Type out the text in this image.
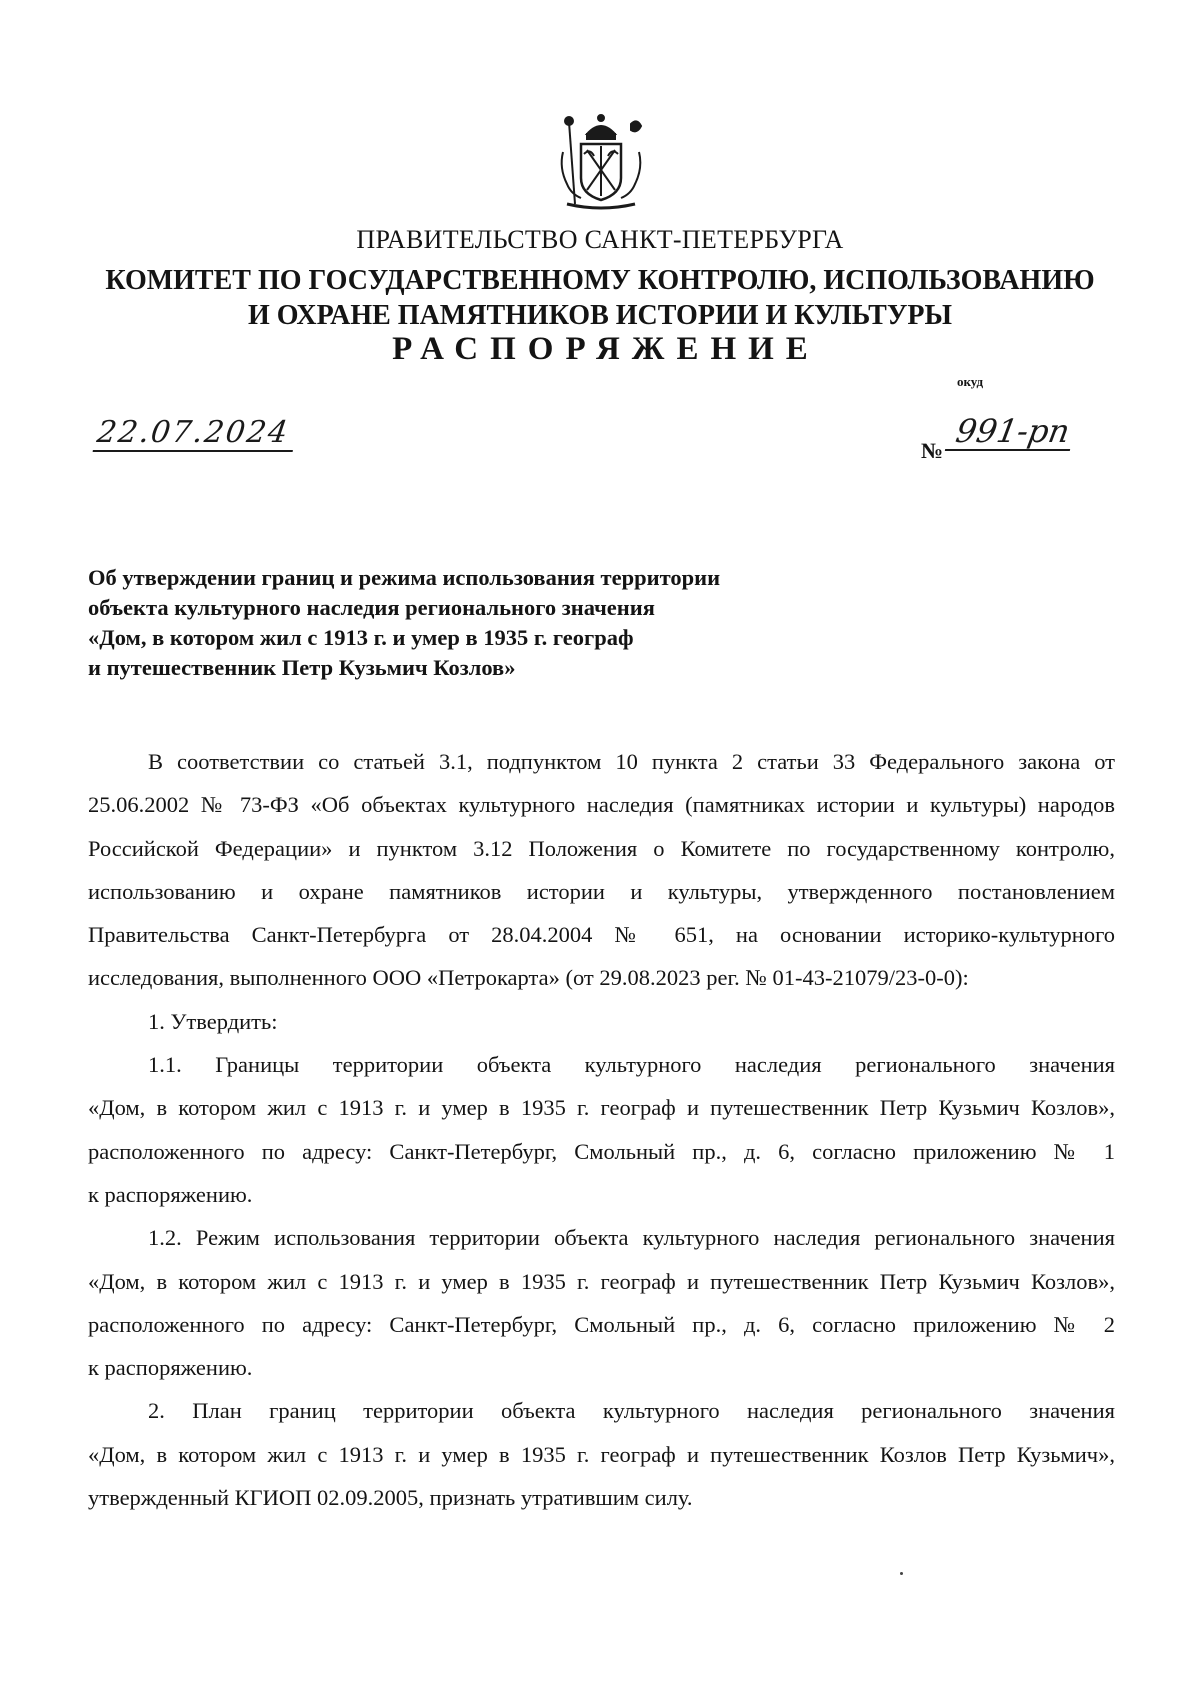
ПРАВИТЕЛЬСТВО САНКТ-ПЕТЕРБУРГА
КОМИТЕТ ПО ГОСУДАРСТВЕННОМУ КОНТРОЛЮ, ИСПОЛЬЗОВАНИЮ
И ОХРАНЕ ПАМЯТНИКОВ ИСТОРИИ И КУЛЬТУРЫ
РАСПОРЯЖЕНИЕ
окуд
22.07.2024
№
991-рп
Об утверждении границ и режима использования территории
объекта культурного наследия регионального значения
«Дом, в котором жил с 1913 г. и умер в 1935 г. географ
и путешественник Петр Кузьмич Козлов»
В соответствии со статьей 3.1, подпунктом 10 пункта 2 статьи 33 Федерального закона от
25.06.2002 № 73-ФЗ «Об объектах культурного наследия (памятниках истории и культуры) народов
Российской Федерации» и пунктом 3.12 Положения о Комитете по государственному контролю,
использованию и охране памятников истории и культуры, утвержденного постановлением
Правительства Санкт-Петербурга от 28.04.2004 № 651, на основании историко-культурного
исследования, выполненного ООО «Петрокарта» (от 29.08.2023 рег. № 01-43-21079/23-0-0):
1. Утвердить:
1.1. Границы территории объекта культурного наследия регионального значения
«Дом, в котором жил с 1913 г. и умер в 1935 г. географ и путешественник Петр Кузьмич Козлов»,
расположенного по адресу: Санкт-Петербург, Смольный пр., д. 6, согласно приложению № 1
к распоряжению.
1.2. Режим использования территории объекта культурного наследия регионального значения
«Дом, в котором жил с 1913 г. и умер в 1935 г. географ и путешественник Петр Кузьмич Козлов»,
расположенного по адресу: Санкт-Петербург, Смольный пр., д. 6, согласно приложению № 2
к распоряжению.
2. План границ территории объекта культурного наследия регионального значения
«Дом, в котором жил с 1913 г. и умер в 1935 г. географ и путешественник Козлов Петр Кузьмич»,
утвержденный КГИОП 02.09.2005, признать утратившим силу.
